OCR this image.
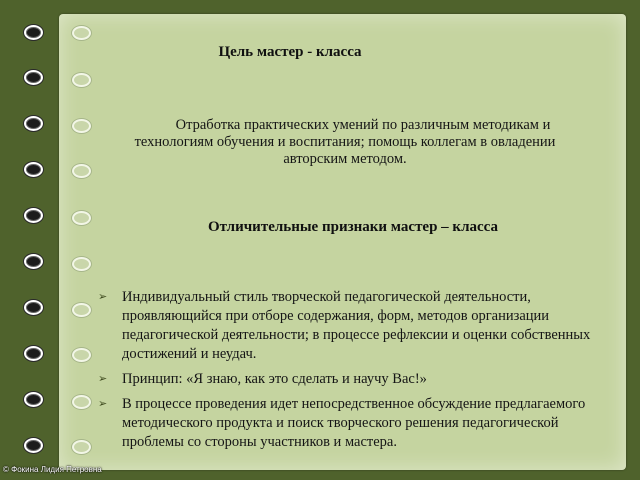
Цель мастер - класса
Отработка практических умений по различным методикам и технологиям обучения и воспитания; помощь коллегам в овладении авторским методом.
Отличительные признаки мастер – класса
➢ Индивидуальный стиль творческой педагогической деятельности, проявляющийся при отборе содержания, форм, методов организации педагогической деятельности; в процессе рефлексии и оценки собственных достижений и неудач.
➢ Принцип: «Я знаю, как это сделать и научу Вас!»
➢ В процессе проведения идет непосредственное обсуждение предлагаемого методического продукта и поиск творческого решения педагогической проблемы со стороны участников и мастера.
© Фокина Лидия Петровна
